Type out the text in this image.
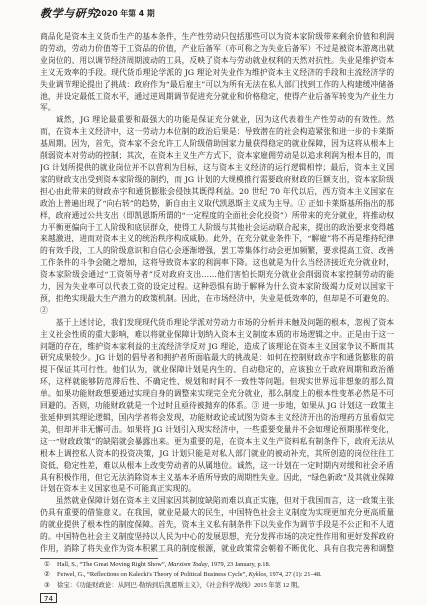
教学与研究
2020 年第 4 期

商品化是资本主义货币生产的基本条件，生产性劳动只包括那些可以为资本家阶级带来剩余价值和利润的劳动，劳动力价值等于工资品的价值，产业后备军（亦可称之为失业后备军）不过是被资本游离出就业岗位的、用以调节经济周期波动的工具，反映了资本与劳动就业权利的天然对抗性。失业是维护资本主义无效率的手段。现代货币理论学派的 JG 理论对失业作为维护资本主义经济的手段和主流经济学的失业调节理论提出了挑战：政府作为“最后雇主”可以为所有无法在私人部门找到工作的人构建缓冲储备池，并设定最低工资水平，通过逆周期调节促进充分就业和价格稳定，使得产业后备军转变为产业生力军。

诚然，JG 理论最重要和最强大的功能是保证充分就业，因为这代表着生产性劳动的有效性。然而，在资本主义经济中，这一劳动力本位制的政治后果是：导致潜在的社会构造紧张和进一步的卡莱斯基周期。因为，首先，资本家不会允许工人阶级借助国家力量获得稳定的就业保障，因为这将从根本上削弱资本对劳动的控制；其次，在资本主义生产方式下，资本家雇佣劳动是以追求利润为根本目的，而 JG 计划所提供的就业岗位并不以营利为目标，这与资本主义经济的运行逻辑相悖；最后，资本主义国家的财政支出受到资本家阶级的制约，而 JG 计划的大规模推行需要政府财政的巨额支出，资本家阶级担心由此带来的财政赤字和通货膨胀会侵蚀其既得利益。20 世纪 70 年代以后，西方资本主义国家在政治上普遍出现了“向右转”的趋势，新自由主义取代凯恩斯主义成为主导。① 正如卡莱斯基所指出的那样，政府通过公共支出（即凯恩斯所谓的“一定程度的全面社会化投资”）所带来的充分就业，将推动权力平衡更偏向于工人阶级和底层群众，使得工人阶级与其他社会运动联合起来，提出的政治要求变得越来越激进，进而对资本主义的统治秩序构成威胁。此外，在充分就业条件下，“解雇”将不再是维持纪律的有效手段，工人的阶级意识和自信心会逐渐增强，罢工等集体行动会更加频繁，要求提高工资、改善工作条件的斗争会随之增加，这将导致资本家的利润率下降。这也就是为什么当经济接近充分就业时，资本家阶级会通过“工资领导者”反对政府支出……他们害怕长期充分就业会削弱资本家控制劳动的能力，因为失业率可以代表工资的设定过程。这种恐惧有助于解释为什么资本家阶级竭力反对以国家干预，拒绝实现最大生产潜力的政策机制。因此，在市场经济中，失业是低效率的，但却是不可避免的。②

基于上述讨论，我们发现现代货币理论学派对劳动力市场的分析并未触及问题的根本，忽视了资本主义社会性质的重大影响，难以将就业保障计划纳入资本主义制度本质的市场逻辑之中。正是由于这一问题的存在，维护资本家利益的主流经济学反对 JG 理论，造成了该理论在资本主义国家争议不断而其研究成果较少。JG 计划的倡导者和拥护者所面临最大的挑战是：如何在控制财政赤字和通货膨胀的前提下保证其可行性。他们认为，就业保障计划是内生的、自动稳定的，应该独立于政府周期和政治循环，这样就能够防范滞后性、不确定性、规划和时间不一致性等问题。但现实世界远非想象的那么简单。如果功能财政想要通过实现自身的调整来实现完全充分就业，那么制度上的根本性变革必然是不可回避的。否则，功能财政就是一个过时且亟待被抛弃的体系。③ 进一步地，如果从 JG 计划这一政策主张延伸到其理论逻辑，国内学者将会发现，功能财政论或试图为资本主义经济开出的治理药方虽看似完美，但却并非无懈可击。如果将 JG 计划引入现实经济中，一些重要变量并不会如理论预期那样变化，这一“财政政策”的缺陷就会暴露出来。更为重要的是，在资本主义生产资料私有制条件下，政府无法从根本上调控私人资本的投资决策，JG 计划只能是对私人部门就业的被动补充，其所创造的岗位往往工资低、稳定性差，难以从根本上改变劳动者的从属地位。诚然，这一计划在一定时期内对缓和社会矛盾具有积极作用，但它无法消除资本主义基本矛盾所导致的周期性失业。因此，“绿色新政”及其就业保障计划在资本主义国家也是不可能真正实现的。

虽然就业保障计划在资本主义国家因其制度缺陷而难以真正实施，但对于我国而言，这一政策主张仍具有重要的借鉴意义。在我国，就业是最大的民生，中国特色社会主义制度为实现更加充分更高质量的就业提供了根本性的制度保障。首先，资本主义私有制条件下以失业作为调节手段是不公正和不人道的。中国特色社会主义制度坚持以人民为中心的发展思想，充分发挥市场的决定性作用和更好发挥政府作用，消除了将失业作为资本积累工具的制度根源，就业政策常会朝着不断优化、具有自我完善和调整

① Hall, S., “The Great Moving Right Show”, Marxism Today, 1979, 23 January, p.18.
② Feiwel, G., “Reflections on Kalecki's Theory of Political Business Cycle”, Kyklos, 1974, 27 (1): 21–48.
③ 徐宝：《功能财政论：从阿巴·勒纳到后凯恩斯主义》，《社会科学战线》2015 年第 12 期。
74
